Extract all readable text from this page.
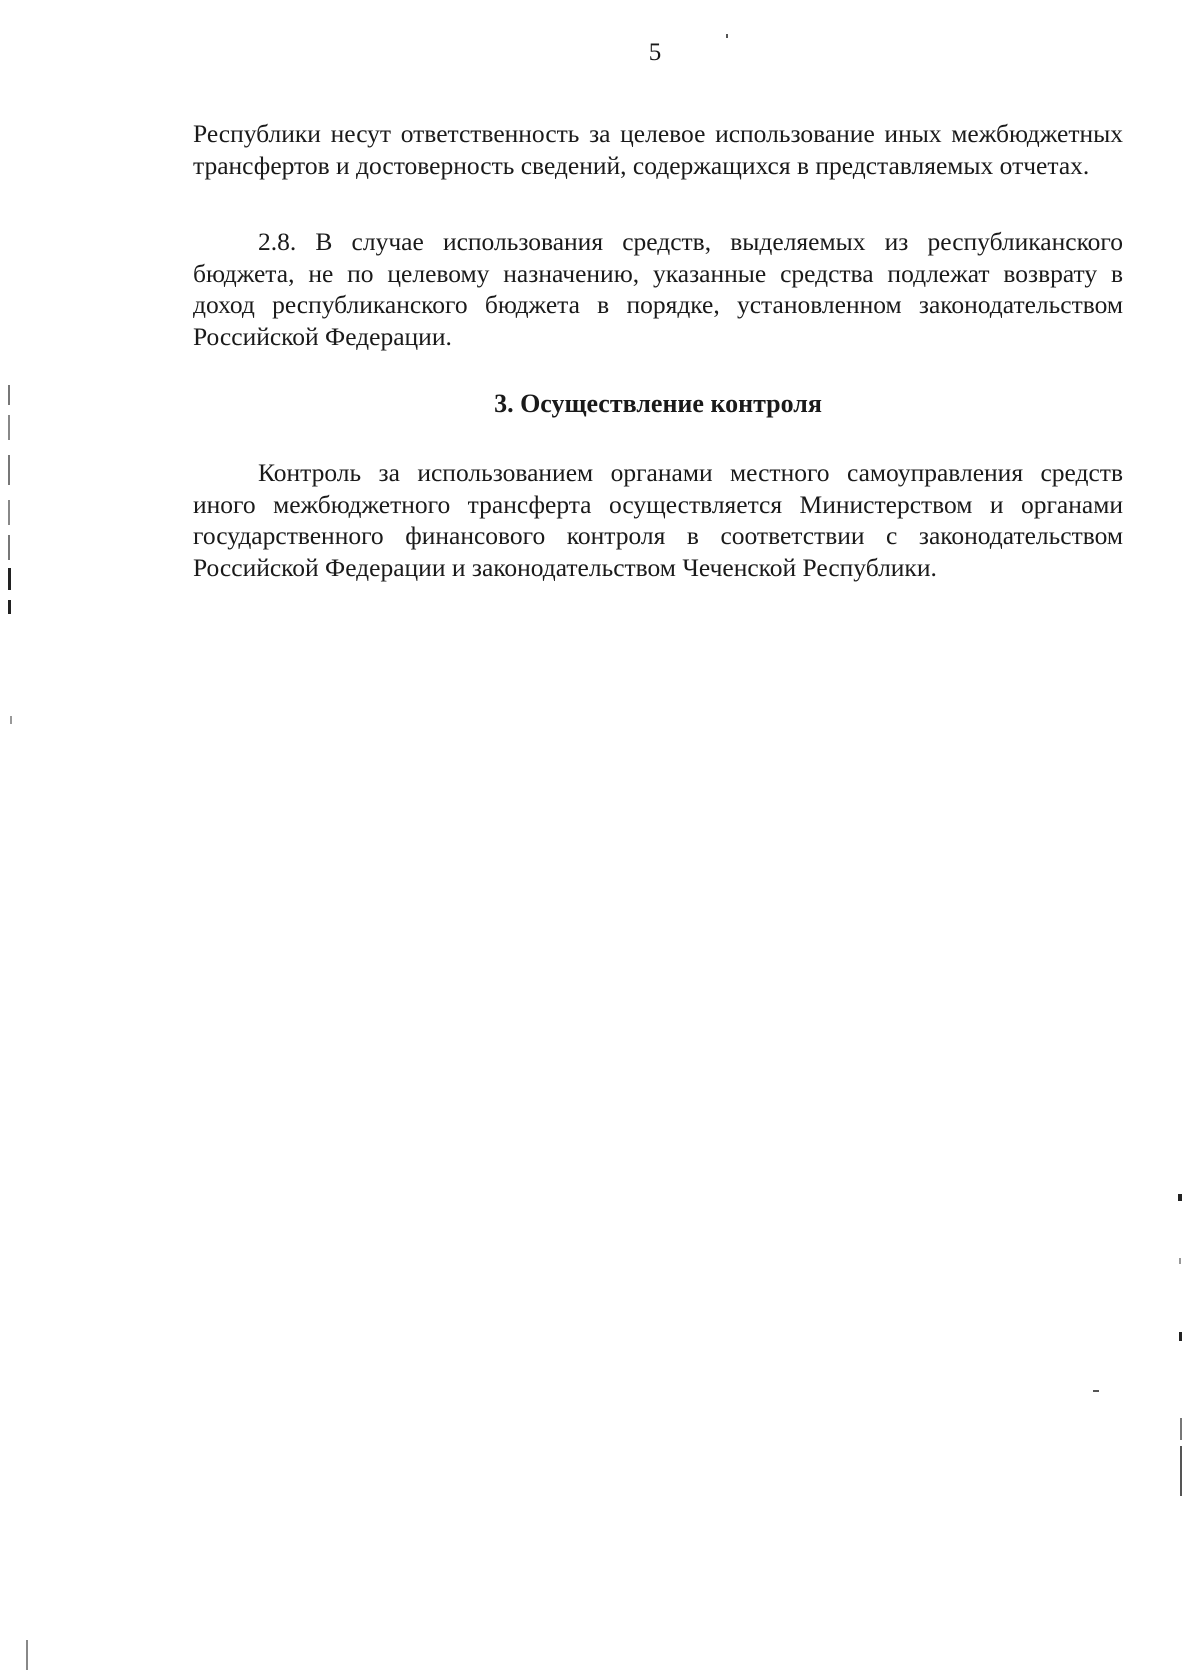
5

Республики несут ответственность за целевое использование иных межбюджетных трансфертов и достоверность сведений, содержащихся в представляемых отчетах.

2.8. В случае использования средств, выделяемых из республиканского бюджета, не по целевому назначению, указанные средства подлежат возврату в доход республиканского бюджета в порядке, установленном законодательством Российской Федерации.

3. Осуществление контроля

Контроль за использованием органами местного самоуправления средств иного межбюджетного трансферта осуществляется Министерством и органами государственного финансового контроля в соответствии с законодательством Российской Федерации и законодательством Чеченской Республики.
